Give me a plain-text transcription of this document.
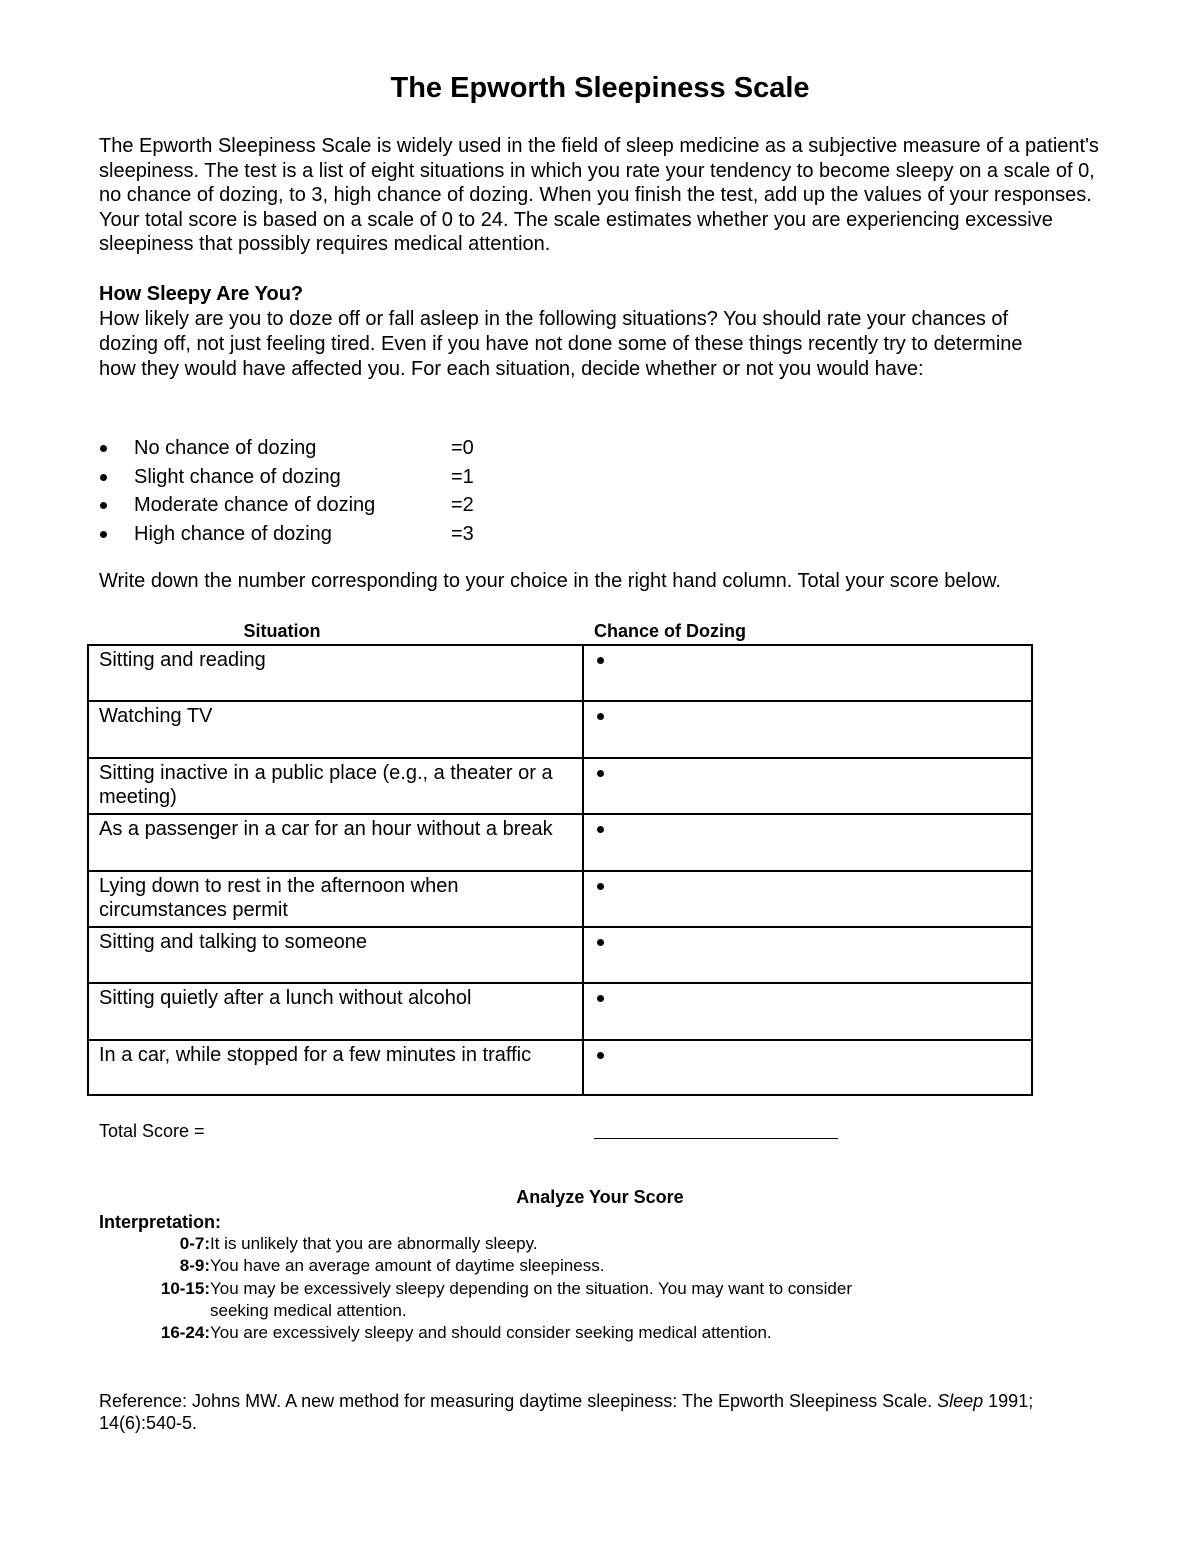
The Epworth Sleepiness Scale

The Epworth Sleepiness Scale is widely used in the field of sleep medicine as a subjective measure of a patient's sleepiness. The test is a list of eight situations in which you rate your tendency to become sleepy on a scale of 0, no chance of dozing, to 3, high chance of dozing. When you finish the test, add up the values of your responses. Your total score is based on a scale of 0 to 24. The scale estimates whether you are experiencing excessive sleepiness that possibly requires medical attention.

How Sleepy Are You?

How likely are you to doze off or fall asleep in the following situations? You should rate your chances of dozing off, not just feeling tired. Even if you have not done some of these things recently try to determine how they would have affected you. For each situation, decide whether or not you would have:

No chance of dozing	=0
Slight chance of dozing	=1
Moderate chance of dozing	=2
High chance of dozing	=3
Write down the number corresponding to your choice in the right hand column. Total your score below.
Situation	Chance of Dozing
Sitting and reading
Watching TV
Sitting inactive in a public place (e.g., a theater or a meeting)
As a passenger in a car for an hour without a break
Lying down to rest in the afternoon when circumstances permit
Sitting and talking to someone
Sitting quietly after a lunch without alcohol
In a car, while stopped for a few minutes in traffic
Total Score =
Analyze Your Score
Interpretation:
0-7: It is unlikely that you are abnormally sleepy.
8-9: You have an average amount of daytime sleepiness.
10-15: You may be excessively sleepy depending on the situation. You may want to consider
seeking medical attention.
16-24: You are excessively sleepy and should consider seeking medical attention.

Reference: Johns MW. A new method for measuring daytime sleepiness: The Epworth Sleepiness Scale. Sleep 1991; 14(6):540-5.
